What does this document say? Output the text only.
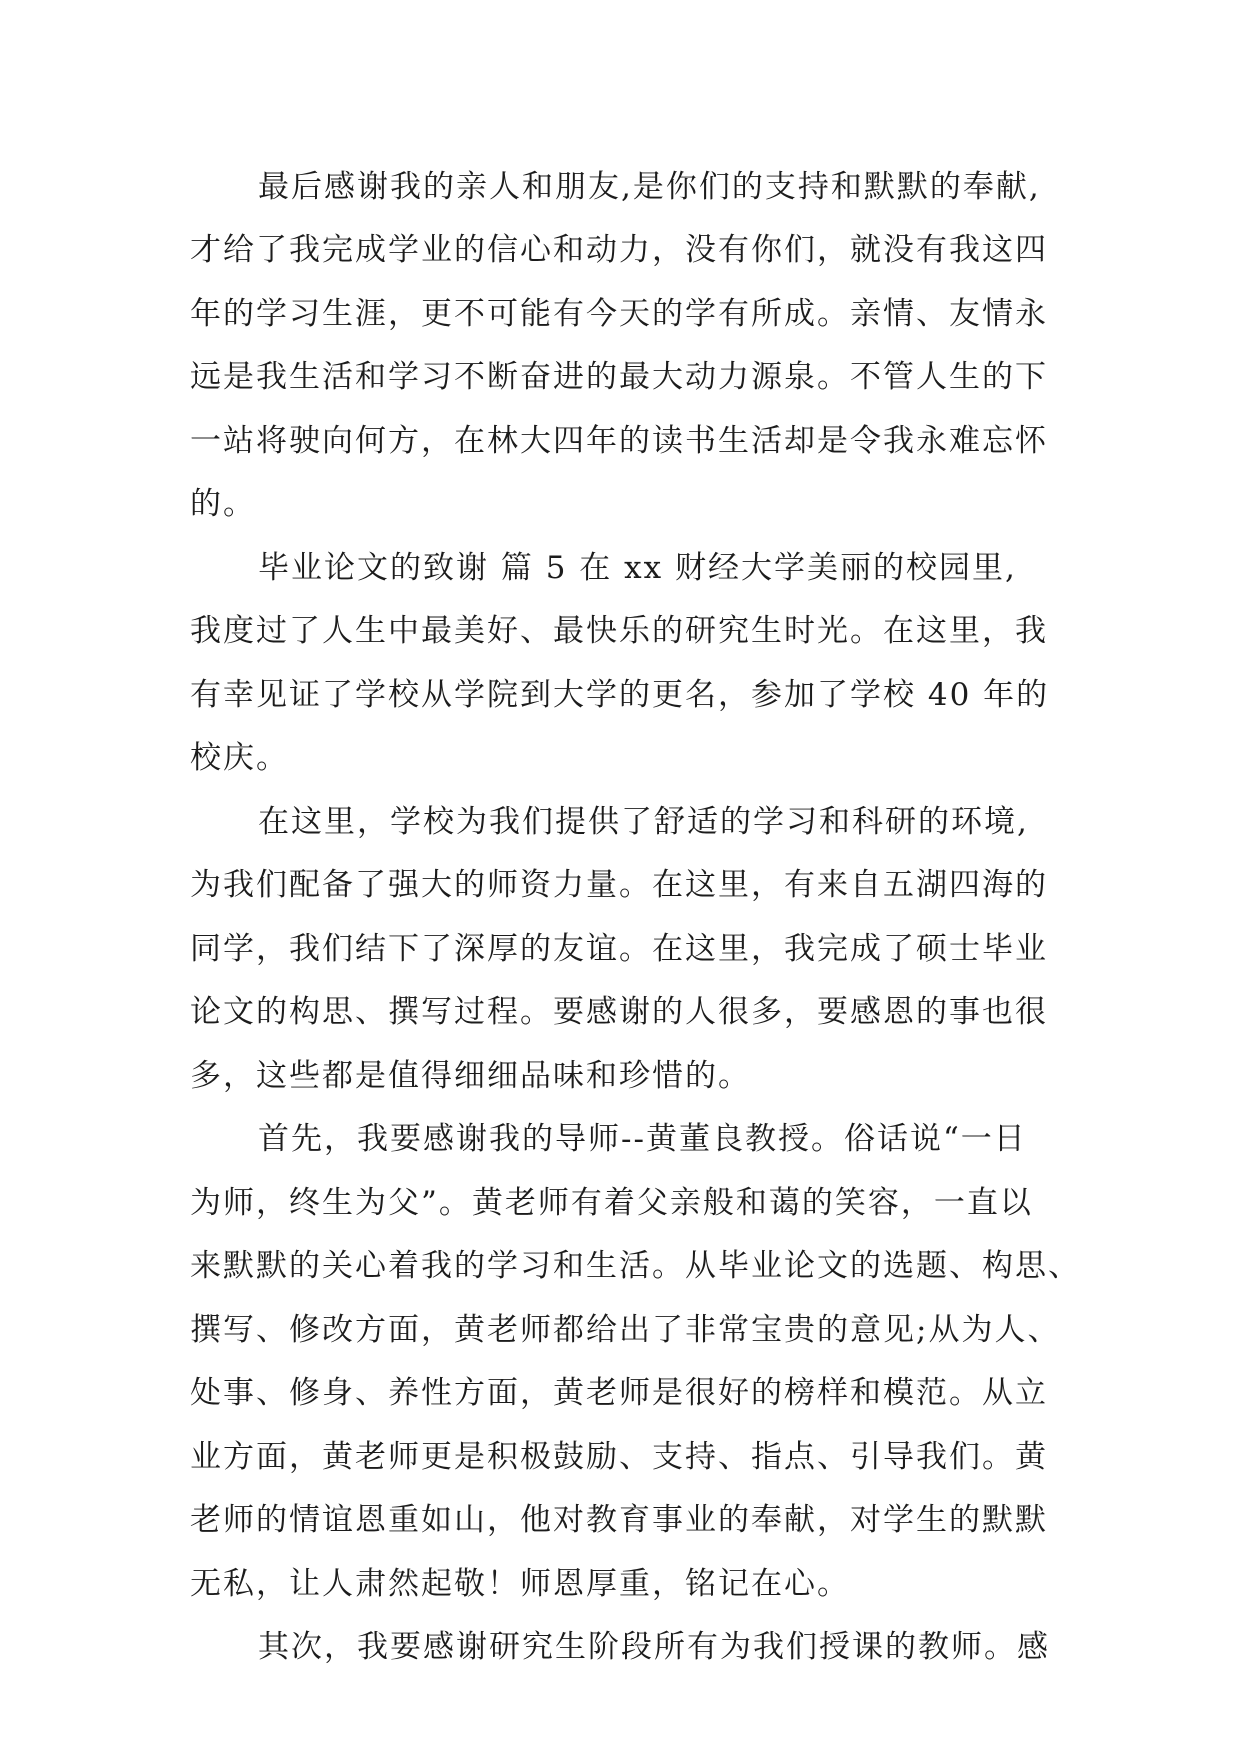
最后感谢我的亲人和朋友,是你们的支持和默默的奉献,

才给了我完成学业的信心和动力，没有你们，就没有我这四

年的学习生涯，更不可能有今天的学有所成。亲情、友情永

远是我生活和学习不断奋进的最大动力源泉。不管人生的下

一站将驶向何方，在林大四年的读书生活却是令我永难忘怀

的。

毕业论文的致谢 篇 5 在 xx 财经大学美丽的校园里,

我度过了人生中最美好、最快乐的研究生时光。在这里，我

有幸见证了学校从学院到大学的更名，参加了学校 40 年的

校庆。

在这里，学校为我们提供了舒适的学习和科研的环境,

为我们配备了强大的师资力量。在这里，有来自五湖四海的

同学，我们结下了深厚的友谊。在这里，我完成了硕士毕业

论文的构思、撰写过程。要感谢的人很多，要感恩的事也很

多，这些都是值得细细品味和珍惜的。

首先，我要感谢我的导师--黄董良教授。俗话说“一日

为师，终生为父”。黄老师有着父亲般和蔼的笑容，一直以

来默默的关心着我的学习和生活。从毕业论文的选题、构思、

撰写、修改方面，黄老师都给出了非常宝贵的意见;从为人、

处事、修身、养性方面，黄老师是很好的榜样和模范。从立

业方面，黄老师更是积极鼓励、支持、指点、引导我们。黄

老师的情谊恩重如山，他对教育事业的奉献，对学生的默默

无私，让人肃然起敬！师恩厚重，铭记在心。

其次，我要感谢研究生阶段所有为我们授课的教师。感
